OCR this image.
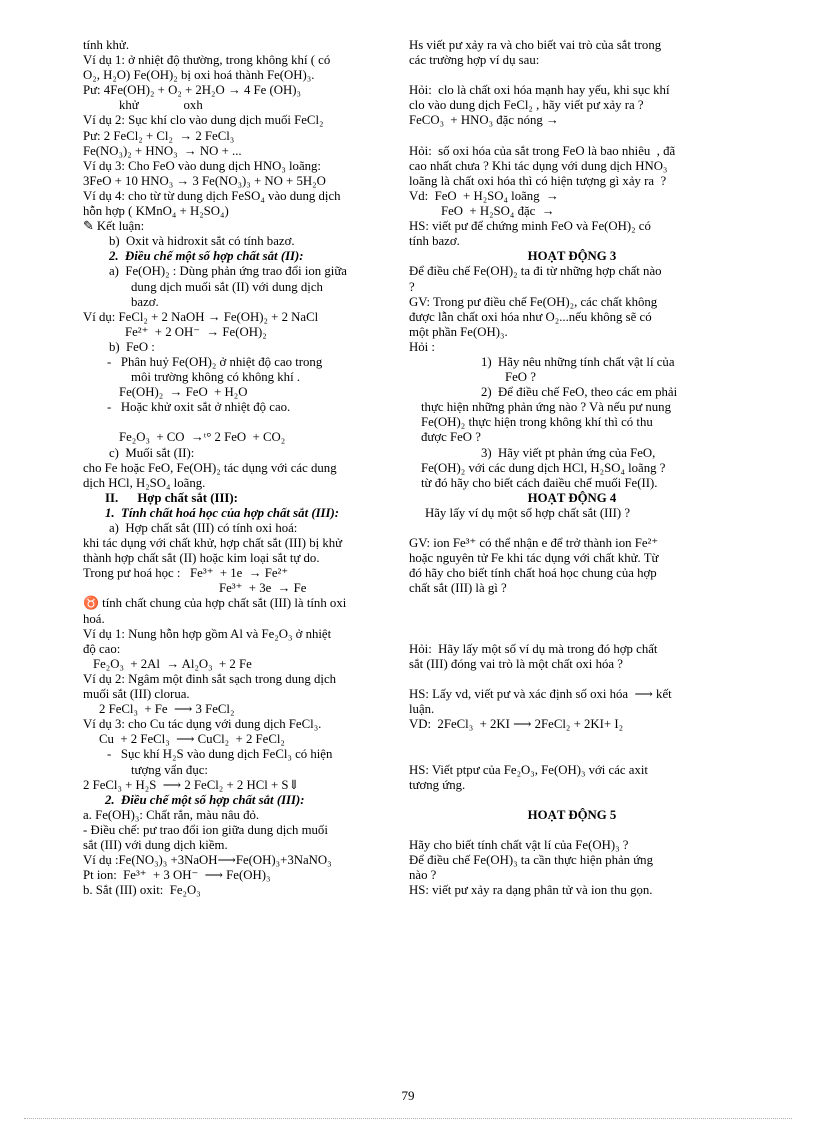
tính khử.
Ví dụ 1: ở nhiệt độ thường, trong không khí ( có
O₂, H₂O) Fe(OH)₂ bị oxi hoá thành Fe(OH)₃.
Pư: 4Fe(OH)₂ + O₂ + 2H₂O → 4 Fe (OH)₃
khử              oxh
Ví dụ 2: Sục khí clo vào dung dịch muối FeCl₂
Pư: 2 FeCl₂ + Cl₂  → 2 FeCl₃
Fe(NO₃)₂ + HNO₃  → NO + ...
Ví dụ 3: Cho FeO vào dung dịch HNO₃ loãng:
3FeO + 10 HNO₃ → 3 Fe(NO₃)₃ + NO + 5H₂O
Ví dụ 4: cho từ từ dung dịch FeSO₄ vào dung dịch
hỗn hợp ( KMnO₄ + H₂SO₄)
✎ Kết luận:
b)  Oxit và hidroxit sắt có tính bazơ.
2.  Điều chế một số hợp chất sắt (II):
a)  Fe(OH)₂ : Dùng phản ứng trao đổi ion giữa
dung dịch muối sắt (II) với dung dịch
bazơ.
Ví dụ: FeCl₂ + 2 NaOH → Fe(OH)₂ + 2 NaCl
Fe²⁺  + 2 OH⁻  → Fe(OH)₂
b)  FeO :
-   Phân huỷ Fe(OH)₂ ở nhiệt độ cao trong
môi trường không có không khí .
Fe(OH)₂  → FeO  + H₂O
-   Hoặc khử oxit sắt ở nhiệt độ cao.
Fe₂O₃  + CO  →ᵗ° 2 FeO  + CO₂
c)  Muối sắt (II):
cho Fe hoặc FeO, Fe(OH)₂ tác dụng với các dung
dịch HCl, H₂SO₄ loãng.
II.      Hợp chất sắt (III):
1.  Tính chất hoá học của hợp chất sắt (III):
a)  Hợp chất sắt (III) có tính oxi hoá:
khi tác dụng với chất khử, hợp chất sắt (III) bị khử
thành hợp chất sắt (II) hoặc kim loại sắt tự do.
Trong pư hoá học :   Fe³⁺  + 1e  → Fe²⁺
Fe³⁺  + 3e  → Fe
♉ tính chất chung của hợp chất sắt (III) là tính oxi
hoá.
Ví dụ 1: Nung hỗn hợp gồm Al và Fe₂O₃ ở nhiệt
độ cao:
Fe₂O₃  + 2Al  → Al₂O₃  + 2 Fe
Ví dụ 2: Ngâm một đinh sắt sạch trong dung dịch
muối sắt (III) clorua.
2 FeCl₃  + Fe  ⟶ 3 FeCl₂
Ví dụ 3: cho Cu tác dụng với dung dịch FeCl₃.
Cu  + 2 FeCl₃  ⟶ CuCl₂  + 2 FeCl₂
-   Sục khí H₂S vào dung dịch FeCl₃ có hiện
tượng vẩn đục:
2 FeCl₃ + H₂S  ⟶ 2 FeCl₂ + 2 HCl + S⇓
2.  Điều chế một số hợp chất sắt (III):
a. Fe(OH)₃: Chất rắn, màu nâu đỏ.
- Điều chế: pư trao đổi ion giữa dung dịch muối
sắt (III) với dung dịch kiềm.
Ví dụ :Fe(NO₃)₃ +3NaOH⟶Fe(OH)₃+3NaNO₃
Pt ion:  Fe³⁺  + 3 OH⁻  ⟶ Fe(OH)₃
b. Sắt (III) oxit:  Fe₂O₃
Hs viết pư xảy ra và cho biết vai trò của sắt trong
các trường hợp ví dụ sau:
Hỏi:  clo là chất oxi hóa mạnh hay yếu, khi sục khí
clo vào dung dịch FeCl₂ , hãy viết pư xảy ra ?
FeCO₃  + HNO₃ đặc nóng →
Hỏi:  số oxi hóa của sắt trong FeO là bao nhiêu  , đã
cao nhất chưa ? Khi tác dụng với dung dịch HNO₃
loãng là chất oxi hóa thì có hiện tượng gì xảy ra  ?
Vd:  FeO  + H₂SO₄ loãng  →
FeO  + H₂SO₄ đặc  →
HS: viết pư để chứng minh FeO và Fe(OH)₂ có
tính bazơ.
HOẠT ĐỘNG 3
Để điều chế Fe(OH)₂ ta đi từ những hợp chất nào
?
GV: Trong pư điều chế Fe(OH)₂, các chất không
được lẫn chất oxi hóa như O₂...nếu không sẽ có
một phần Fe(OH)₃.
Hỏi :
1)  Hãy nêu những tính chất vật lí của
FeO ?
2)  Để điều chế FeO, theo các em phải
thực hiện những phản ứng nào ? Và nếu pư nung
Fe(OH)₂ thực hiện trong không khí thì có thu
được FeO ?
3)  Hãy viết pt phản ứng của FeO,
Fe(OH)₂ với các dung dịch HCl, H₂SO₄ loãng ?
từ đó hãy cho biết cách đaiều chế muối Fe(II).
HOẠT ĐỘNG 4
Hãy lấy ví dụ một số hợp chất sắt (III) ?
GV: ion Fe³⁺ có thể nhận e để trở thành ion Fe²⁺
hoặc nguyên tử Fe khi tác dụng với chất khử. Từ
đó hãy cho biết tính chất hoá học chung của hợp
chất sắt (III) là gì ?
Hỏi:  Hãy lấy một số ví dụ mà trong đó hợp chất
sắt (III) đóng vai trò là một chất oxi hóa ?
HS: Lấy vd, viết pư và xác định số oxi hóa  ⟶ kết
luận.
VD:  2FeCl₃  + 2KI ⟶ 2FeCl₂ + 2KI+ I₂
HS: Viết ptpư của Fe₂O₃, Fe(OH)₃ với các axit
tương ứng.
HOẠT ĐỘNG 5
Hãy cho biết tính chất vật lí của Fe(OH)₃ ?
Để điều chế Fe(OH)₃ ta cần thực hiện phản ứng
nào ?
HS: viết pư xảy ra dạng phân tử và ion thu gọn.
79
